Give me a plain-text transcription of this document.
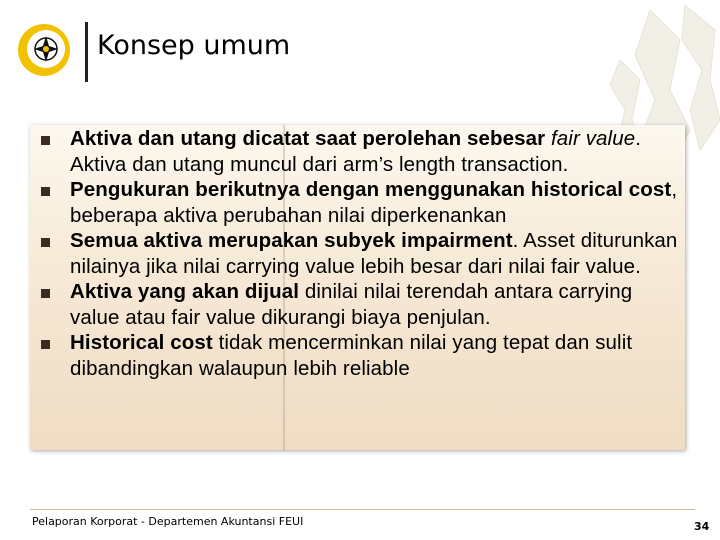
Konsep umum
Aktiva dan utang dicatat saat perolehan sebesar fair value. Aktiva dan utang muncul dari arm’s length transaction.
Pengukuran berikutnya dengan menggunakan historical cost, beberapa aktiva perubahan nilai diperkenankan
Semua aktiva merupakan subyek impairment. Asset diturunkan nilainya jika nilai carrying value lebih besar dari nilai fair value.
Aktiva yang akan dijual dinilai nilai terendah antara carrying value atau fair value dikurangi biaya penjulan.
Historical cost tidak mencerminkan nilai yang tepat dan sulit dibandingkan walaupun lebih reliable
Pelaporan Korporat - Departemen Akuntansi FEUI	34
